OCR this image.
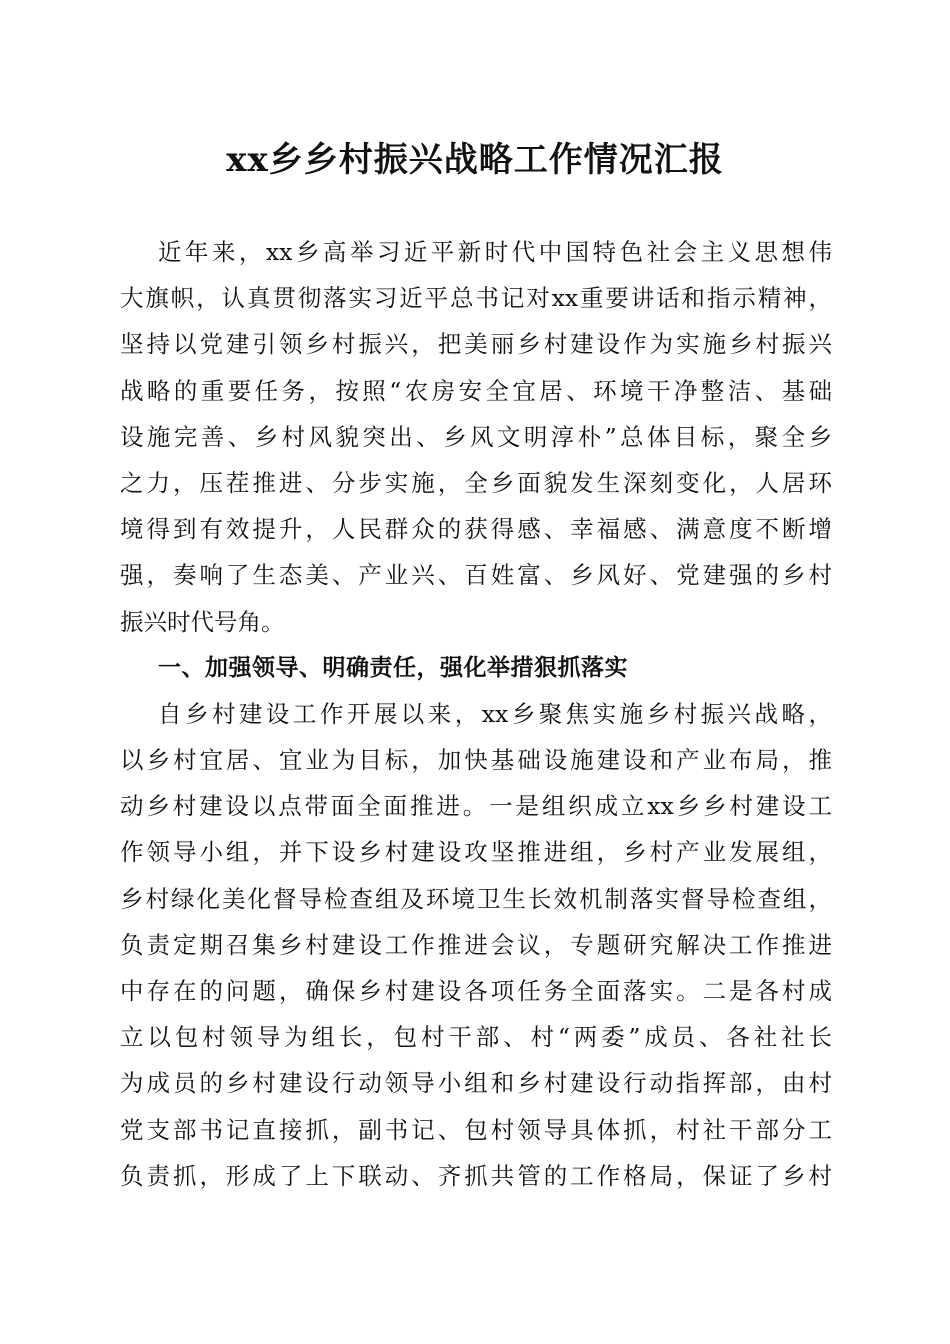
xx乡乡村振兴战略工作情况汇报
近年来，xx乡高举习近平新时代中国特色社会主义思想伟
大旗帜，认真贯彻落实习近平总书记对xx重要讲话和指示精神，
坚持以党建引领乡村振兴，把美丽乡村建设作为实施乡村振兴
战略的重要任务，按照“农房安全宜居、环境干净整洁、基础
设施完善、乡村风貌突出、乡风文明淳朴”总体目标，聚全乡
之力，压茬推进、分步实施，全乡面貌发生深刻变化，人居环
境得到有效提升，人民群众的获得感、幸福感、满意度不断增
强，奏响了生态美、产业兴、百姓富、乡风好、党建强的乡村
振兴时代号角。
一、加强领导、明确责任，强化举措狠抓落实
自乡村建设工作开展以来，xx乡聚焦实施乡村振兴战略，
以乡村宜居、宜业为目标，加快基础设施建设和产业布局，推
动乡村建设以点带面全面推进。一是组织成立xx乡乡村建设工
作领导小组，并下设乡村建设攻坚推进组，乡村产业发展组，
乡村绿化美化督导检查组及环境卫生长效机制落实督导检查组，
负责定期召集乡村建设工作推进会议，专题研究解决工作推进
中存在的问题，确保乡村建设各项任务全面落实。二是各村成
立以包村领导为组长，包村干部、村“两委”成员、各社社长
为成员的乡村建设行动领导小组和乡村建设行动指挥部，由村
党支部书记直接抓，副书记、包村领导具体抓，村社干部分工
负责抓，形成了上下联动、齐抓共管的工作格局，保证了乡村
